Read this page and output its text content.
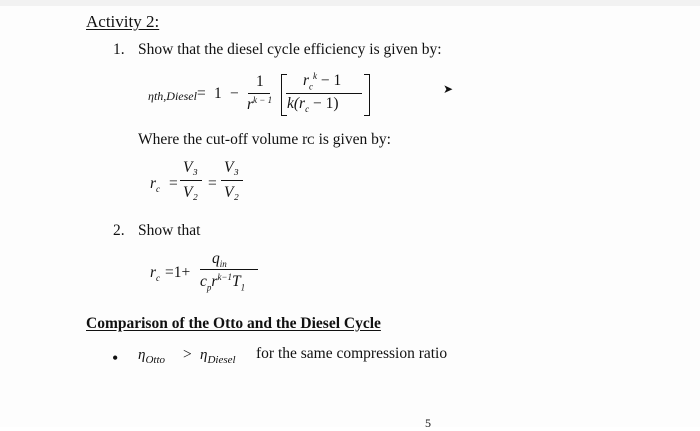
Activity 2:
1. Show that the diesel cycle efficiency is given by:
ηth,Diesel = 1 −
1
$r^{k - 1}$
$r_c^k - 1$
$k(r_c - 1)$
➤
Where the cut-off volume rᴄ is given by:
$r_c$ =
V₃
V₂
=
V₃
V₂
2. Show that
$r_c =1+$
$q_{in}$
$c_pr^{k-1}T_1$
Comparison of the Otto and the Diesel Cycle
• $\eta_{Otto} > \eta_{Diesel}$ for the same compression ratio
5
